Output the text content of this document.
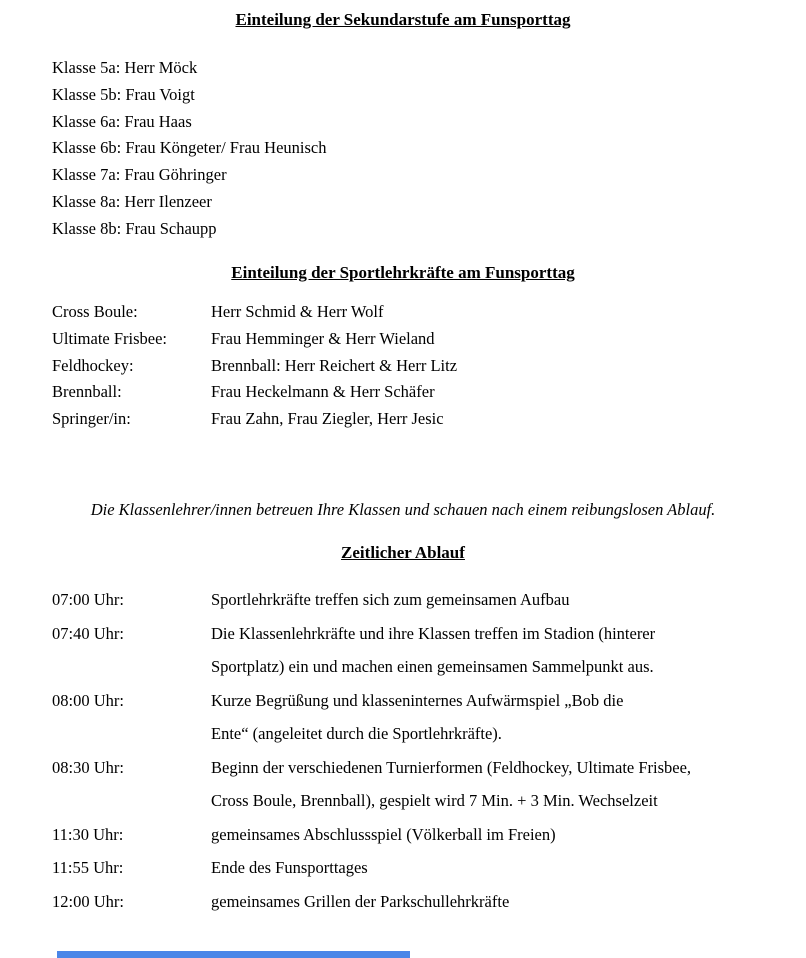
Einteilung der Sekundarstufe am Funsporttag
Klasse 5a: Herr Möck
Klasse 5b: Frau Voigt
Klasse 6a: Frau Haas
Klasse 6b: Frau Köngeter/ Frau Heunisch
Klasse 7a: Frau Göhringer
Klasse 8a: Herr Ilenzeer
Klasse 8b: Frau Schaupp
Einteilung der Sportlehrkräfte am Funsporttag
Cross Boule:	Herr Schmid & Herr Wolf
Ultimate Frisbee:	Frau Hemminger & Herr Wieland
Feldhockey:	Brennball: Herr Reichert & Herr Litz
Brennball:	Frau Heckelmann & Herr Schäfer
Springer/in:	Frau Zahn, Frau Ziegler, Herr Jesic
Die Klassenlehrer/innen betreuen Ihre Klassen und schauen nach einem reibungslosen Ablauf.
Zeitlicher Ablauf
07:00 Uhr:	Sportlehrkräfte treffen sich zum gemeinsamen Aufbau
07:40 Uhr:	Die Klassenlehrkräfte und ihre Klassen treffen im Stadion (hinterer
Sportplatz) ein und machen einen gemeinsamen Sammelpunkt aus.
08:00 Uhr:	Kurze Begrüßung und klasseninternes Aufwärmspiel „Bob die
Ente“ (angeleitet durch die Sportlehrkräfte).
08:30 Uhr:	Beginn der verschiedenen Turnierformen (Feldhockey, Ultimate Frisbee,
Cross Boule, Brennball), gespielt wird 7 Min. + 3 Min. Wechselzeit
11:30 Uhr:	gemeinsames Abschlussspiel (Völkerball im Freien)
11:55 Uhr:	Ende des Funsporttages
12:00 Uhr:	gemeinsames Grillen der Parkschullehrkräfte
